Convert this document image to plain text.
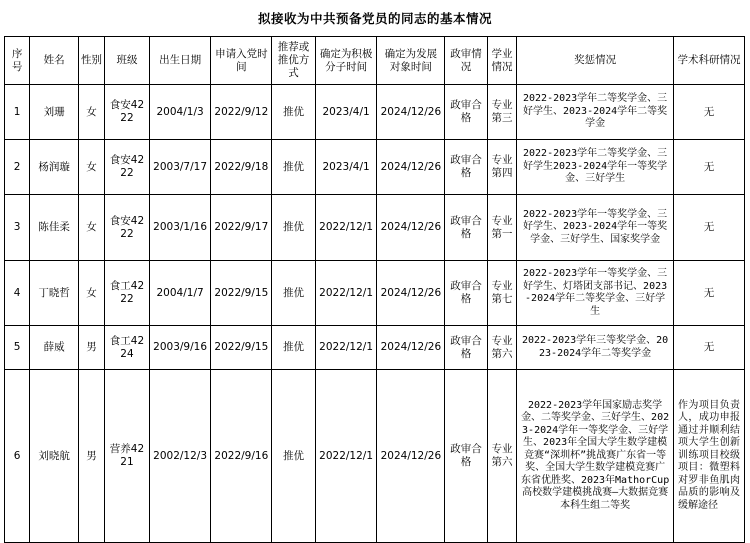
拟接收为中共预备党员的同志的基本情况
序号	姓名	性别	班级	出生日期	申请入党时间	推荐或推优方式	确定为积极分子时间	确定为发展对象时间	政审情况	学业情况	奖惩情况	学术科研情况
1	刘珊	女	食安4222	2004/1/3	2022/9/12	推优	2023/4/1	2024/12/26	政审合格	专业第三	2022-2023学年二等奖学金、三好学生、2023-2024学年二等奖学金	无
2	杨润璇	女	食安4222	2003/7/17	2022/9/18	推优	2023/4/1	2024/12/26	政审合格	专业第四	2022-2023学年二等奖学金、三好学生2023-2024学年一等奖学金、三好学生	无
3	陈佳柔	女	食安4222	2003/1/16	2022/9/17	推优	2022/12/1	2024/12/26	政审合格	专业第一	2022-2023学年一等奖学金、三好学生、2023-2024学年一等奖学金、三好学生、国家奖学金	无
4	丁晓哲	女	食工4222	2004/1/7	2022/9/15	推优	2022/12/1	2024/12/26	政审合格	专业第七	2022-2023学年一等奖学金、三好学生、灯塔团支部书记、2023-2024学年二等奖学金、三好学生	无
5	薛威	男	食工4224	2003/9/16	2022/9/15	推优	2022/12/1	2024/12/26	政审合格	专业第六	2022-2023学年三等奖学金、2023-2024学年二等奖学金	无
6	刘晓航	男	营养4221	2002/12/3	2022/9/16	推优	2022/12/1	2024/12/26	政审合格	专业第六	2022-2023学年国家励志奖学金、二等奖学金、三好学生、2023-2024学年一等奖学金、三好学生、2023年全国大学生数学建模竞赛“深圳杯”挑战赛广东省一等奖、全国大学生数学建模竞赛广东省优胜奖、2023年MathorCup高校数学建模挑战赛—大数据竞赛本科生组二等奖	作为项目负责人，成功申报通过并顺利结项大学生创新训练项目校级项目：微塑料对罗非鱼肌肉品质的影响及缓解途径
